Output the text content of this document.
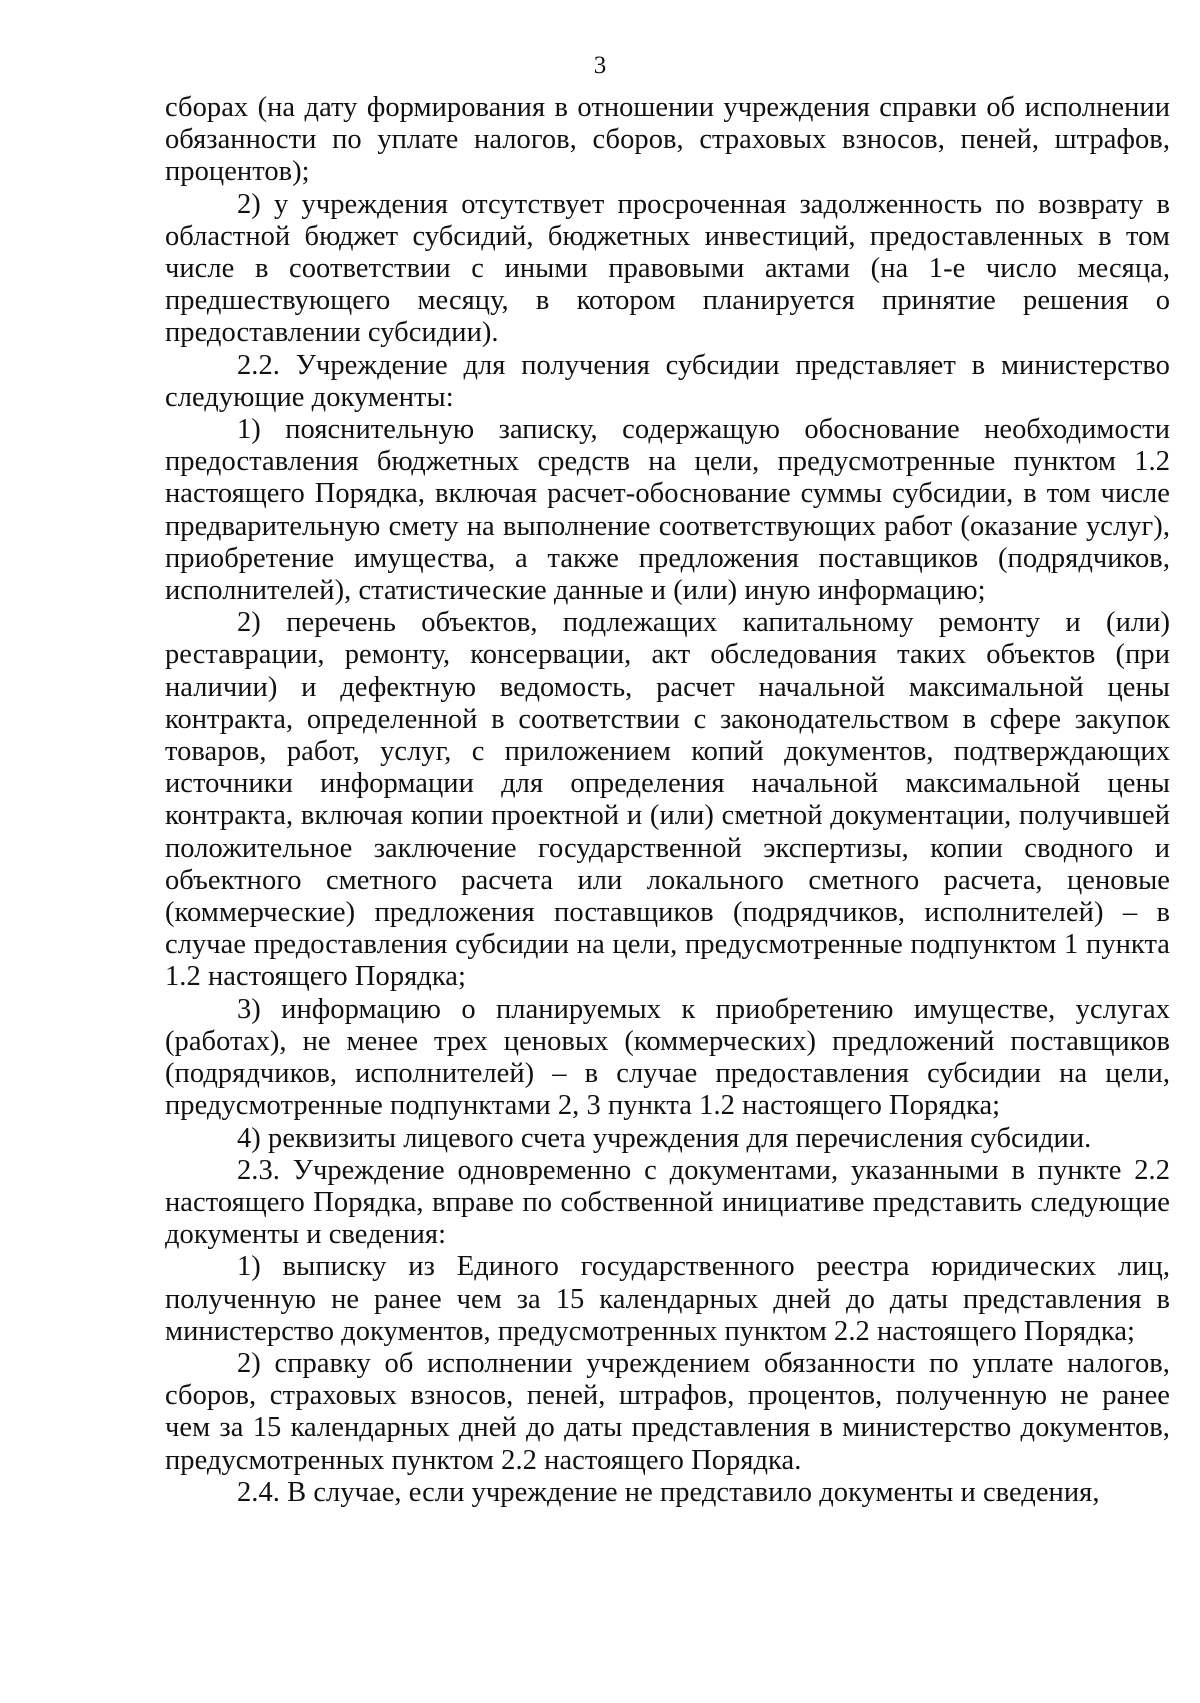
3

сборах (на дату формирования в отношении учреждения справки об исполнении обязанности по уплате налогов, сборов, страховых взносов, пеней, штрафов, процентов);

2) у учреждения отсутствует просроченная задолженность по возврату в областной бюджет субсидий, бюджетных инвестиций, предоставленных в том числе в соответствии с иными правовыми актами (на 1-е число месяца, предшествующего месяцу, в котором планируется принятие решения о предоставлении субсидии).

2.2. Учреждение для получения субсидии представляет в министерство следующие документы:

1) пояснительную записку, содержащую обоснование необходимости предоставления бюджетных средств на цели, предусмотренные пунктом 1.2 настоящего Порядка, включая расчет-обоснование суммы субсидии, в том числе предварительную смету на выполнение соответствующих работ (оказание услуг), приобретение имущества, а также предложения поставщиков (подрядчиков, исполнителей), статистические данные и (или) иную информацию;

2) перечень объектов, подлежащих капитальному ремонту и (или) реставрации, ремонту, консервации, акт обследования таких объектов (при наличии) и дефектную ведомость, расчет начальной максимальной цены контракта, определенной в соответствии с законодательством в сфере закупок товаров, работ, услуг, с приложением копий документов, подтверждающих источники информации для определения начальной максимальной цены контракта, включая копии проектной и (или) сметной документации, получившей положительное заключение государственной экспертизы, копии сводного и объектного сметного расчета или локального сметного расчета, ценовые (коммерческие) предложения поставщиков (подрядчиков, исполнителей) – в случае предоставления субсидии на цели, предусмотренные подпунктом 1 пункта 1.2 настоящего Порядка;

3) информацию о планируемых к приобретению имуществе, услугах (работах), не менее трех ценовых (коммерческих) предложений поставщиков (подрядчиков, исполнителей) – в случае предоставления субсидии на цели, предусмотренные подпунктами 2, 3 пункта 1.2 настоящего Порядка;

4) реквизиты лицевого счета учреждения для перечисления субсидии.

2.3. Учреждение одновременно с документами, указанными в пункте 2.2 настоящего Порядка, вправе по собственной инициативе представить следующие документы и сведения:

1) выписку из Единого государственного реестра юридических лиц, полученную не ранее чем за 15 календарных дней до даты представления в министерство документов, предусмотренных пунктом 2.2 настоящего Порядка;

2) справку об исполнении учреждением обязанности по уплате налогов, сборов, страховых взносов, пеней, штрафов, процентов, полученную не ранее чем за 15 календарных дней до даты представления в министерство документов, предусмотренных пунктом 2.2 настоящего Порядка.

2.4. В случае, если учреждение не представило документы и сведения,
